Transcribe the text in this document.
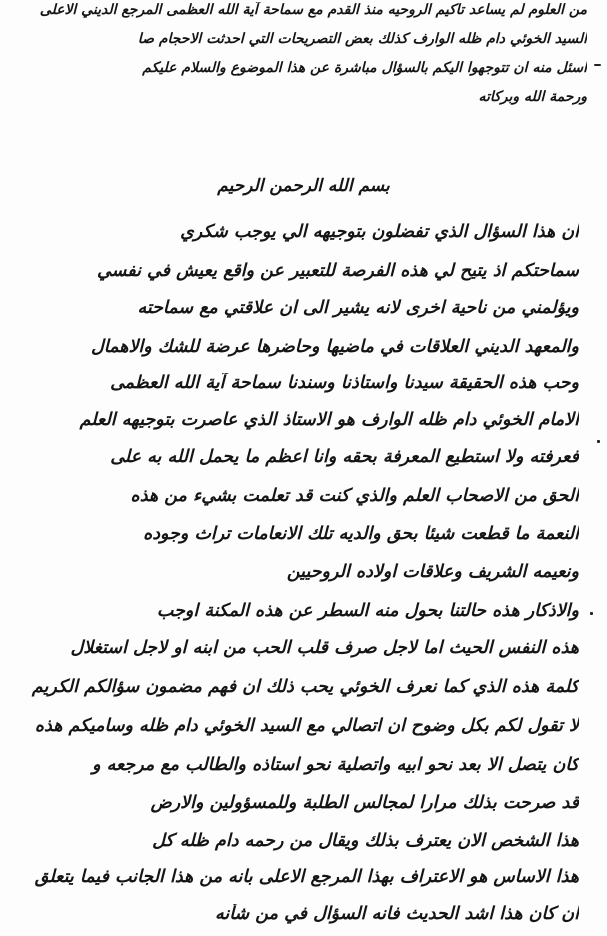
من العلوم لم يساعد تاكيم الروحيه منذ القدم مع سماحة آية الله العظمى المرجع الديني الاعلى
السيد الخوئي دام ظله الوارف كذلك بعض التصريحات التي احدثت الاحجام صا
اسئل منه ان تتوجهوا اليكم بالسؤال مباشرة عن هذا الموضوع والسلام عليكم
ورحمة الله وبركاته
بسم الله الرحمن الرحيم
ان هذا السؤال الذي تفضلون بتوجيهه الي يوجب شكري
سماحتكم اذ يتيح لي هذه الفرصة للتعبير عن واقع يعيش في نفسي
ويؤلمني من ناحية اخرى لانه يشير الى ان علاقتي مع سماحته
والمعهد الديني العلاقات في ماضيها وحاضرها عرضة للشك والاهمال
وحب هذه الحقيقة سيدنا واستاذنا وسندنا سماحة آية الله العظمى
الامام الخوئي دام ظله الوارف هو الاستاذ الذي عاصرت بتوجيهه العلم
فعرفته ولا استطيع المعرفة بحقه وانا اعظم ما يحمل الله به على
الحق من الاصحاب العلم والذي كنت قد تعلمت بشيء من هذه
النعمة ما قطعت شيئا بحق والديه تلك الانعامات تراث وجوده
ونعيمه الشريف وعلاقات اولاده الروحيين
والاذكار هذه حالتنا بحول منه السطر عن هذه المكنة اوجب
هذه النفس الحيث اما لاجل صرف قلب الحب من ابنه او لاجل استغلال
كلمة هذه الذي كما نعرف الخوئي يحب ذلك ان فهم مضمون سؤالكم الكريم
لا تقول لكم بكل وضوح ان اتصالي مع السيد الخوئي دام ظله وساميكم هذه
كان يتصل الا بعد نحو ابيه واتصلية نحو استاذه والطالب مع مرجعه و
قد صرحت بذلك مرارا لمجالس الطلبة وللمسؤولين والارض
هذا الشخص الان يعترف بذلك ويقال من رحمه دام ظله كل
هذا الاساس هو الاعتراف بهذا المرجع الاعلى بانه من هذا الجانب فيما يتعلق
ان كان هذا اشد الحديث فانه السؤال في من شأنه
